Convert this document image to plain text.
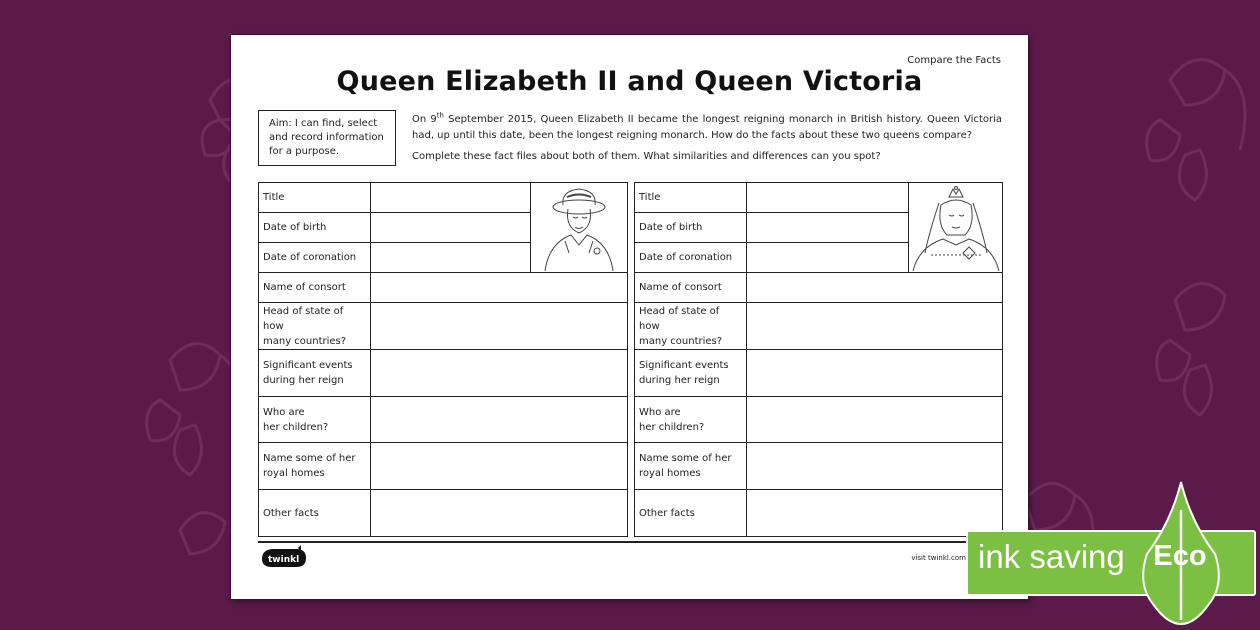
Compare the Facts
Queen Elizabeth II and Queen Victoria
Aim: I can find, select and record information for a purpose.

On 9th September 2015, Queen Elizabeth II became the longest reigning monarch in British history. Queen Victoria had, up until this date, been the longest reigning monarch. How do the facts about these two queens compare?

Complete these fact files about both of them. What similarities and differences can you spot?

Title		

Date of birth		
Date of coronation		
Name of consort		

Head of state of how
many countries?		

Significant events
during her reign		

Who are
her children?		

Name some of her
royal homes		

Other facts		
Title		

Date of birth		
Date of coronation		
Name of consort		

Head of state of how
many countries?		

Significant events
during her reign		

Who are
her children?		

Name some of her
royal homes		

Other facts		
twinkl	visit twinkl.com ink saving Eco
